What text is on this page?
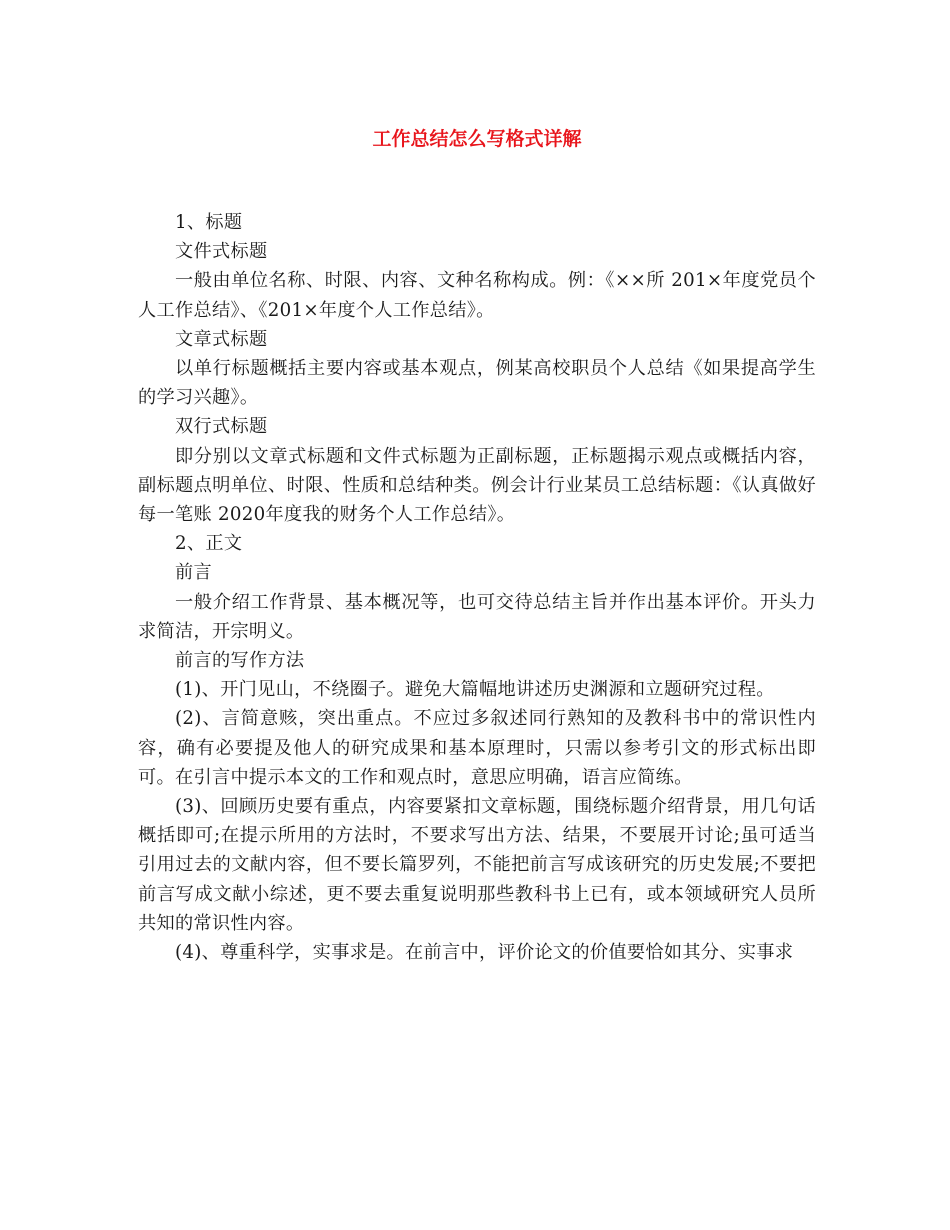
工作总结怎么写格式详解

1、标题

文件式标题

一般由单位名称、时限、内容、文种名称构成。例：《××所 201×年度党员个人工作总结》、《201×年度个人工作总结》。

文章式标题

以单行标题概括主要内容或基本观点，例某高校职员个人总结《如果提高学生的学习兴趣》。

双行式标题

即分别以文章式标题和文件式标题为正副标题，正标题揭示观点或概括内容，副标题点明单位、时限、性质和总结种类。例会计行业某员工总结标题：《认真做好每一笔账 2020年度我的财务个人工作总结》。

2、正文

前言

一般介绍工作背景、基本概况等，也可交待总结主旨并作出基本评价。开头力求简洁，开宗明义。

前言的写作方法

(1)、开门见山，不绕圈子。避免大篇幅地讲述历史渊源和立题研究过程。

(2)、言简意赅，突出重点。不应过多叙述同行熟知的及教科书中的常识性内容，确有必要提及他人的研究成果和基本原理时，只需以参考引文的形式标出即可。在引言中提示本文的工作和观点时，意思应明确，语言应简练。

(3)、回顾历史要有重点，内容要紧扣文章标题，围绕标题介绍背景，用几句话概括即可;在提示所用的方法时，不要求写出方法、结果，不要展开讨论;虽可适当引用过去的文献内容，但不要长篇罗列，不能把前言写成该研究的历史发展;不要把前言写成文献小综述，更不要去重复说明那些教科书上已有，或本领域研究人员所共知的常识性内容。

(4)、尊重科学，实事求是。在前言中，评价论文的价值要恰如其分、实事求
